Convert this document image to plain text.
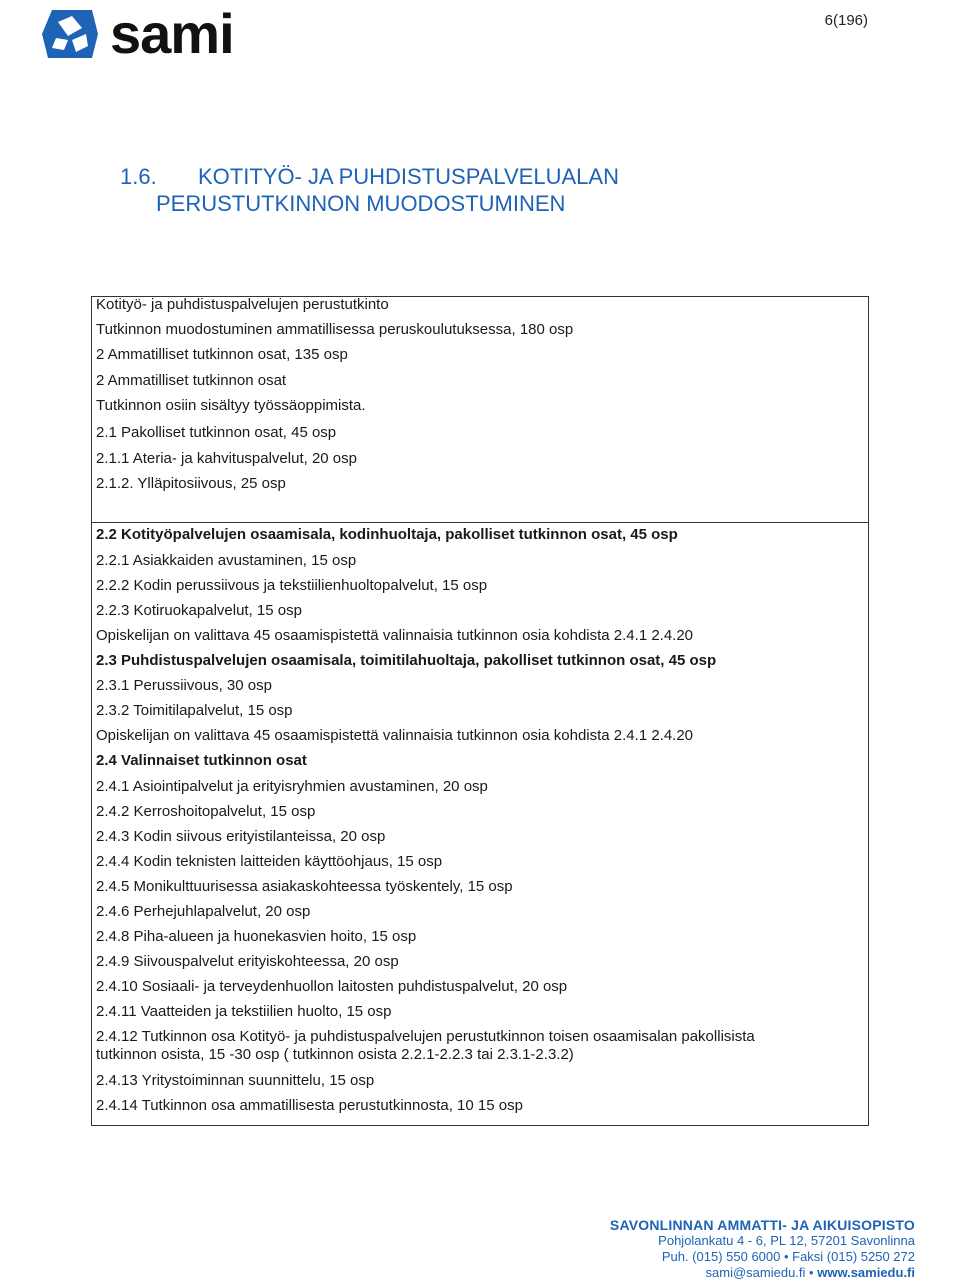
sami	6(196)
1.6. KOTITYÖ- JA PUHDISTUSPALVELUALAN
PERUSTUTKINNON MUODOSTUMINEN
Kotityö- ja puhdistuspalvelujen perustutkinto
Tutkinnon muodostuminen ammatillisessa peruskoulutuksessa, 180 osp
2 Ammatilliset tutkinnon osat, 135 osp
2 Ammatilliset tutkinnon osat
Tutkinnon osiin sisältyy työssäoppimista.
2.1 Pakolliset tutkinnon osat, 45 osp
2.1.1 Ateria- ja kahvituspalvelut, 20 osp
2.1.2. Ylläpitosiivous, 25 osp
2.2 Kotityöpalvelujen osaamisala, kodinhuoltaja, pakolliset tutkinnon osat, 45 osp
2.2.1 Asiakkaiden avustaminen, 15 osp
2.2.2 Kodin perussiivous ja tekstiilienhuoltopalvelut, 15 osp
2.2.3 Kotiruokapalvelut, 15 osp
Opiskelijan on valittava 45 osaamispistettä valinnaisia tutkinnon osia kohdista 2.4.1 2.4.20
2.3 Puhdistuspalvelujen osaamisala, toimitilahuoltaja, pakolliset tutkinnon osat, 45 osp
2.3.1 Perussiivous, 30 osp
2.3.2 Toimitilapalvelut, 15 osp
Opiskelijan on valittava 45 osaamispistettä valinnaisia tutkinnon osia kohdista 2.4.1 2.4.20
2.4 Valinnaiset tutkinnon osat
2.4.1 Asiointipalvelut ja erityisryhmien avustaminen, 20 osp
2.4.2 Kerroshoitopalvelut, 15 osp
2.4.3 Kodin siivous erityistilanteissa, 20 osp
2.4.4 Kodin teknisten laitteiden käyttöohjaus, 15 osp
2.4.5 Monikulttuurisessa asiakaskohteessa työskentely, 15 osp
2.4.6 Perhejuhlapalvelut, 20 osp
2.4.8 Piha-alueen ja huonekasvien hoito, 15 osp
2.4.9 Siivouspalvelut erityiskohteessa, 20 osp
2.4.10 Sosiaali- ja terveydenhuollon laitosten puhdistuspalvelut, 20 osp
2.4.11 Vaatteiden ja tekstiilien huolto, 15 osp
2.4.12 Tutkinnon osa Kotityö- ja puhdistuspalvelujen perustutkinnon toisen osaamisalan pakollisista
tutkinnon osista, 15 -30 osp ( tutkinnon osista 2.2.1-2.2.3 tai 2.3.1-2.3.2)
2.4.13 Yritystoiminnan suunnittelu, 15 osp
2.4.14 Tutkinnon osa ammatillisesta perustutkinnosta, 10 15 osp
SAVONLINNAN AMMATTI- JA AIKUISOPISTO
Pohjolankatu 4 - 6, PL 12, 57201 Savonlinna
Puh. (015) 550 6000 • Faksi (015) 5250 272
sami@samiedu.fi • www.samiedu.fi
